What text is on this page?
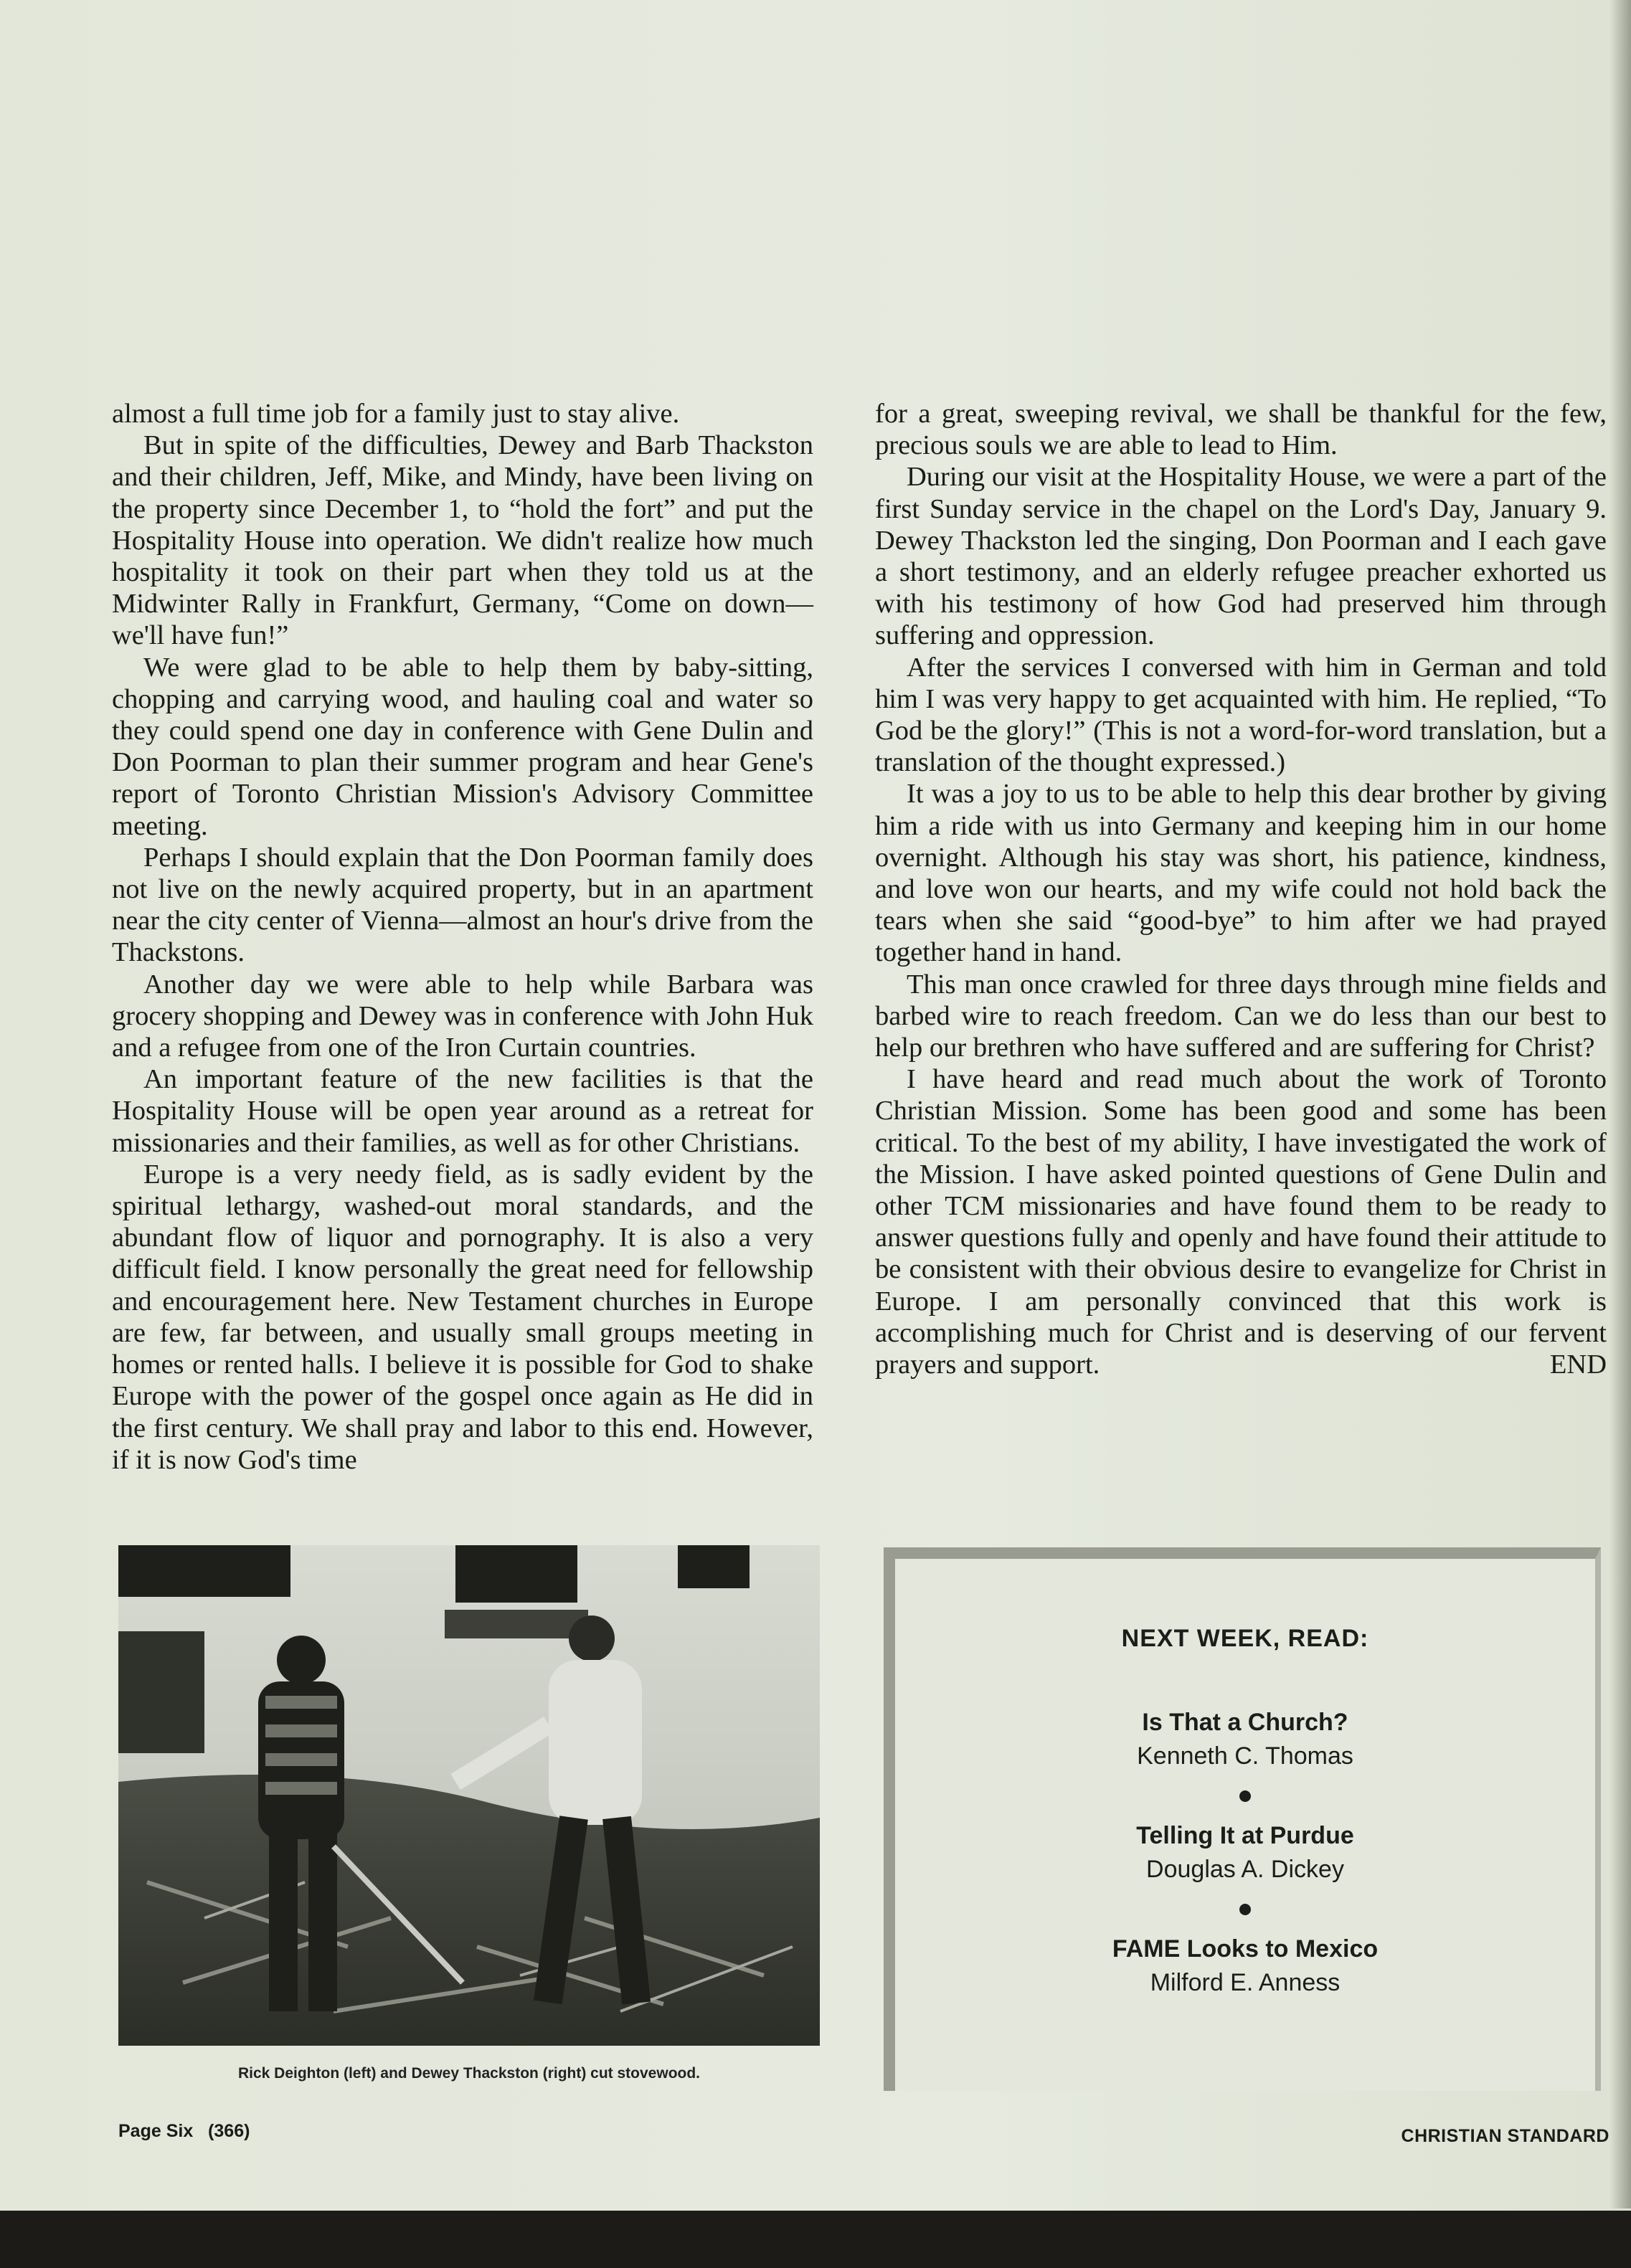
almost a full time job for a family just to stay alive.

But in spite of the difficulties, Dewey and Barb Thackston and their children, Jeff, Mike, and Mindy, have been living on the property since December 1, to “hold the fort” and put the Hospitality House into operation. We didn't realize how much hospitality it took on their part when they told us at the Midwinter Rally in Frankfurt, Germany, “Come on down—we'll have fun!”

We were glad to be able to help them by baby-sitting, chopping and carrying wood, and hauling coal and water so they could spend one day in conference with Gene Dulin and Don Poorman to plan their summer program and hear Gene's report of Toronto Christian Mission's Advisory Committee meeting.

Perhaps I should explain that the Don Poorman family does not live on the newly acquired property, but in an apartment near the city center of Vienna—almost an hour's drive from the Thackstons.

Another day we were able to help while Barbara was grocery shopping and Dewey was in conference with John Huk and a refugee from one of the Iron Curtain countries.

An important feature of the new facilities is that the Hospitality House will be open year around as a retreat for missionaries and their families, as well as for other Christians.

Europe is a very needy field, as is sadly evident by the spiritual lethargy, washed-out moral standards, and the abundant flow of liquor and pornography. It is also a very difficult field. I know personally the great need for fellowship and encouragement here. New Testament churches in Europe are few, far between, and usually small groups meeting in homes or rented halls. I believe it is possible for God to shake Europe with the power of the gospel once again as He did in the first century. We shall pray and labor to this end. However, if it is now God's time

for a great, sweeping revival, we shall be thankful for the few, precious souls we are able to lead to Him.

During our visit at the Hospitality House, we were a part of the first Sunday service in the chapel on the Lord's Day, January 9. Dewey Thackston led the singing, Don Poorman and I each gave a short testimony, and an elderly refugee preacher exhorted us with his testimony of how God had preserved him through suffering and oppression.

After the services I conversed with him in German and told him I was very happy to get acquainted with him. He replied, “To God be the glory!” (This is not a word-for-word translation, but a translation of the thought expressed.)

It was a joy to us to be able to help this dear brother by giving him a ride with us into Germany and keeping him in our home overnight. Although his stay was short, his patience, kindness, and love won our hearts, and my wife could not hold back the tears when she said “good-bye” to him after we had prayed together hand in hand.

This man once crawled for three days through mine fields and barbed wire to reach freedom. Can we do less than our best to help our brethren who have suffered and are suffering for Christ?

I have heard and read much about the work of Toronto Christian Mission. Some has been good and some has been critical. To the best of my ability, I have investigated the work of the Mission. I have asked pointed questions of Gene Dulin and other TCM missionaries and have found them to be ready to answer questions fully and openly and have found their attitude to be consistent with their obvious desire to evangelize for Christ in Europe. I am personally convinced that this work is accomplishing much for Christ and is deserving of our fervent prayers and support.	END
Rick Deighton (left) and Dewey Thackston (right) cut stovewood.
NEXT WEEK, READ:
Is That a Church?
Kenneth C. Thomas
Telling It at Purdue
Douglas A. Dickey
FAME Looks to Mexico
Milford E. Anness
Page Six   (366)	CHRISTIAN STANDARD
